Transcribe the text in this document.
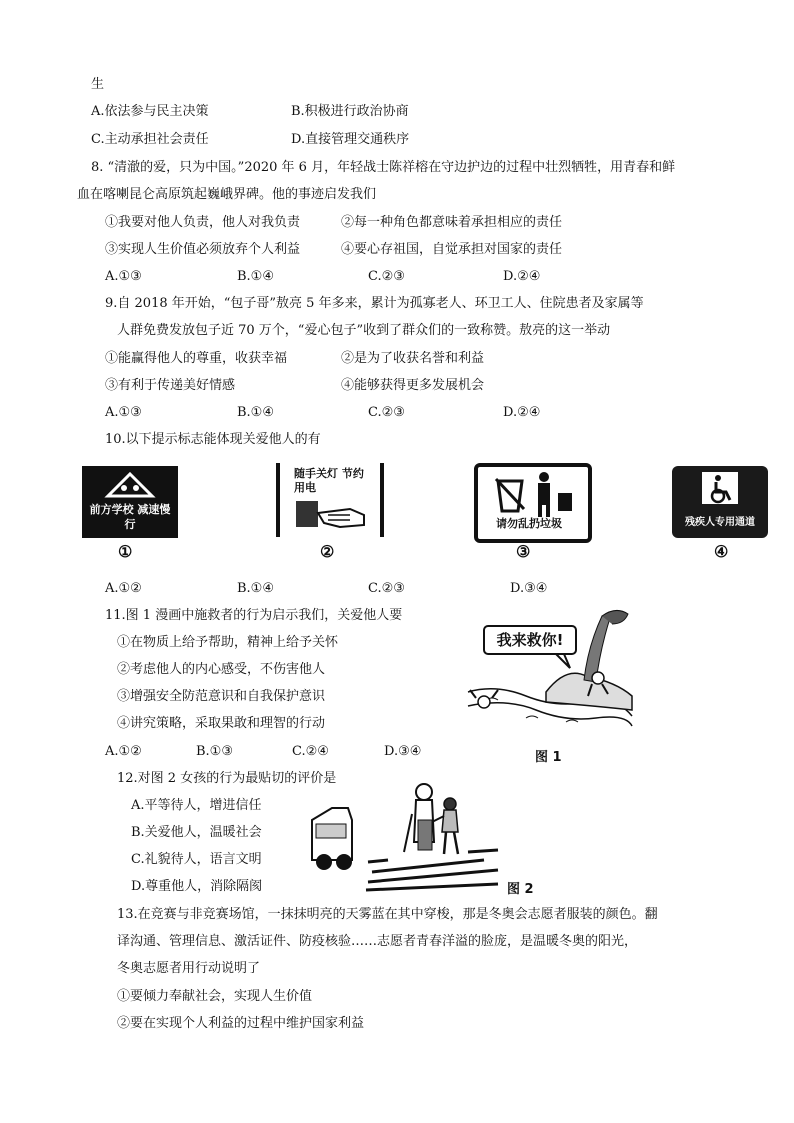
生
A.依法参与民主决策	B.积极进行政治协商
C.主动承担社会责任	D.直接管理交通秩序
8. “清澈的爱，只为中国。”2020 年 6 月，年轻战士陈祥榕在守边护边的过程中壮烈牺牲，用青春和鲜
血在喀喇昆仑高原筑起巍峨界碑。他的事迹启发我们
①我要对他人负责，他人对我负责	②每一种角色都意味着承担相应的责任
③实现人生价值必须放弃个人利益	④要心存祖国，自觉承担对国家的责任
A.①③	B.①④	C.②③	D.②④
9.自 2018 年开始，“包子哥”敖亮 5 年多来，累计为孤寡老人、环卫工人、住院患者及家属等
人群免费发放包子近 70 万个，“爱心包子”收到了群众们的一致称赞。敖亮的这一举动
①能赢得他人的尊重，收获幸福	②是为了收获名誉和利益
③有利于传递美好情感	④能够获得更多发展机会
A.①③	B.①④	C.②③	D.②④
10.以下提示标志能体现关爱他人的有
前方学校 减速慢行
①
随手关灯 节约用电
②
请勿乱扔垃圾
③
残疾人专用通道
④
A.①②	B.①④	C.②③	D.③④
11.图 1 漫画中施救者的行为启示我们，关爱他人要
①在物质上给予帮助，精神上给予关怀
②考虑他人的内心感受，不伤害他人
③增强安全防范意识和自我保护意识
④讲究策略，采取果敢和理智的行动
A.①②	B.①③	C.②④	D.③④
我来救你!
图 1
12.对图 2 女孩的行为最贴切的评价是
A.平等待人，增进信任
B.关爱他人，温暖社会
C.礼貌待人，语言文明
D.尊重他人，消除隔阂	图 2
13.在竞赛与非竞赛场馆，一抹抹明亮的天雾蓝在其中穿梭，那是冬奥会志愿者服装的颜色。翻
译沟通、管理信息、激活证件、防疫核验……志愿者青春洋溢的脸庞，是温暖冬奥的阳光，
冬奥志愿者用行动说明了
①要倾力奉献社会，实现人生价值
②要在实现个人利益的过程中维护国家利益
